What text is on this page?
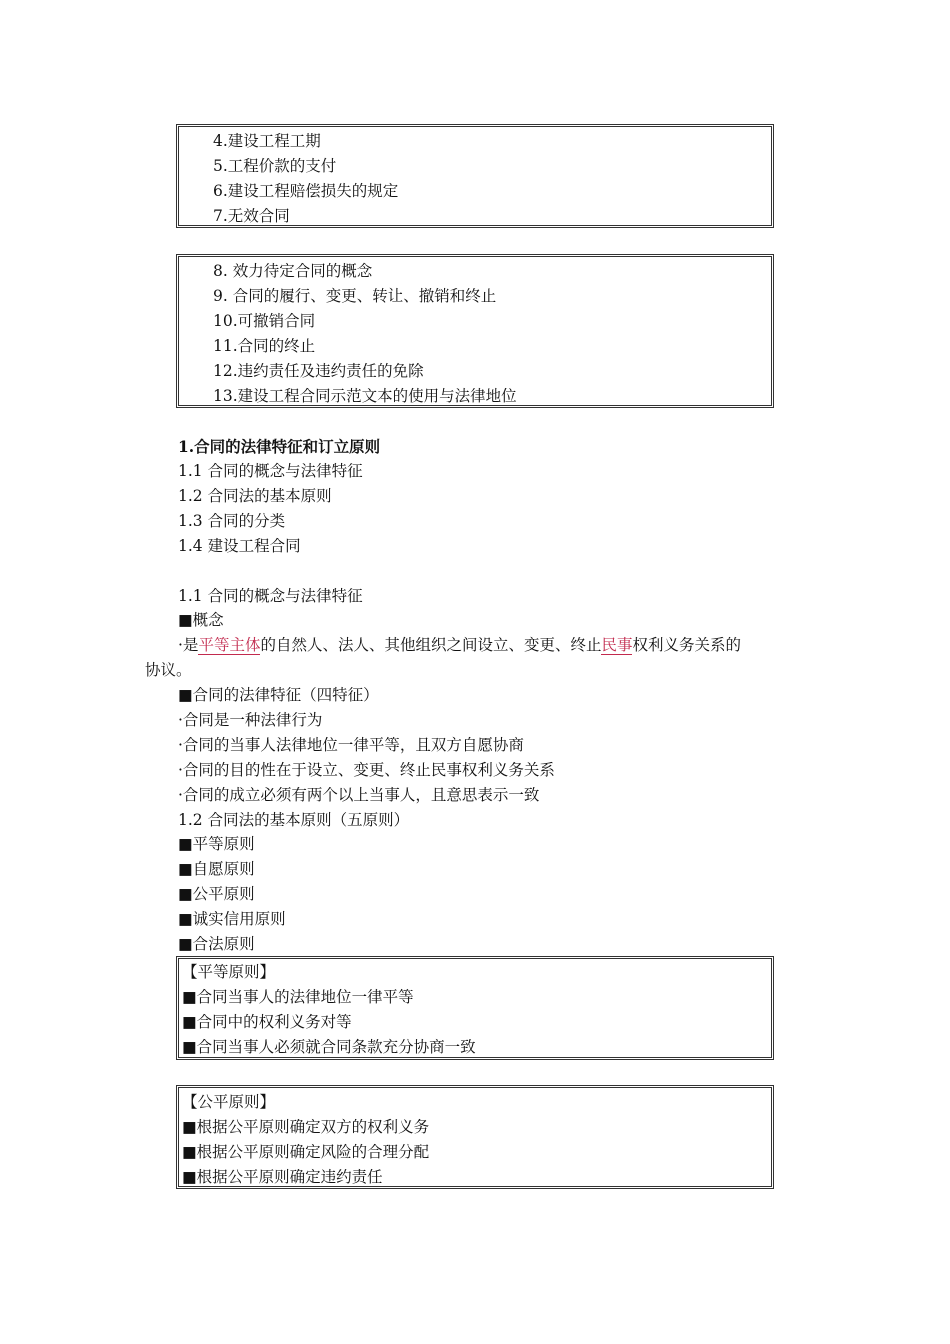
4.建设工程工期
5.工程价款的支付
6.建设工程赔偿损失的规定
7.无效合同
8. 效力待定合同的概念
9. 合同的履行、变更、转让、撤销和终止
10.可撤销合同
11.合同的终止
12.违约责任及违约责任的免除
13.建设工程合同示范文本的使用与法律地位
1.合同的法律特征和订立原则
1.1 合同的概念与法律特征
1.2 合同法的基本原则
1.3 合同的分类
1.4 建设工程合同
1.1 合同的概念与法律特征
■概念
·是平等主体的自然人、法人、其他组织之间设立、变更、终止民事权利义务关系的
协议。
■合同的法律特征（四特征）
·合同是一种法律行为
·合同的当事人法律地位一律平等，且双方自愿协商
·合同的目的性在于设立、变更、终止民事权利义务关系
·合同的成立必须有两个以上当事人，且意思表示一致
1.2 合同法的基本原则（五原则）
■平等原则
■自愿原则
■公平原则
■诚实信用原则
■合法原则
【平等原则】
■合同当事人的法律地位一律平等
■合同中的权利义务对等
■合同当事人必须就合同条款充分协商一致
【公平原则】
■根据公平原则确定双方的权利义务
■根据公平原则确定风险的合理分配
■根据公平原则确定违约责任
